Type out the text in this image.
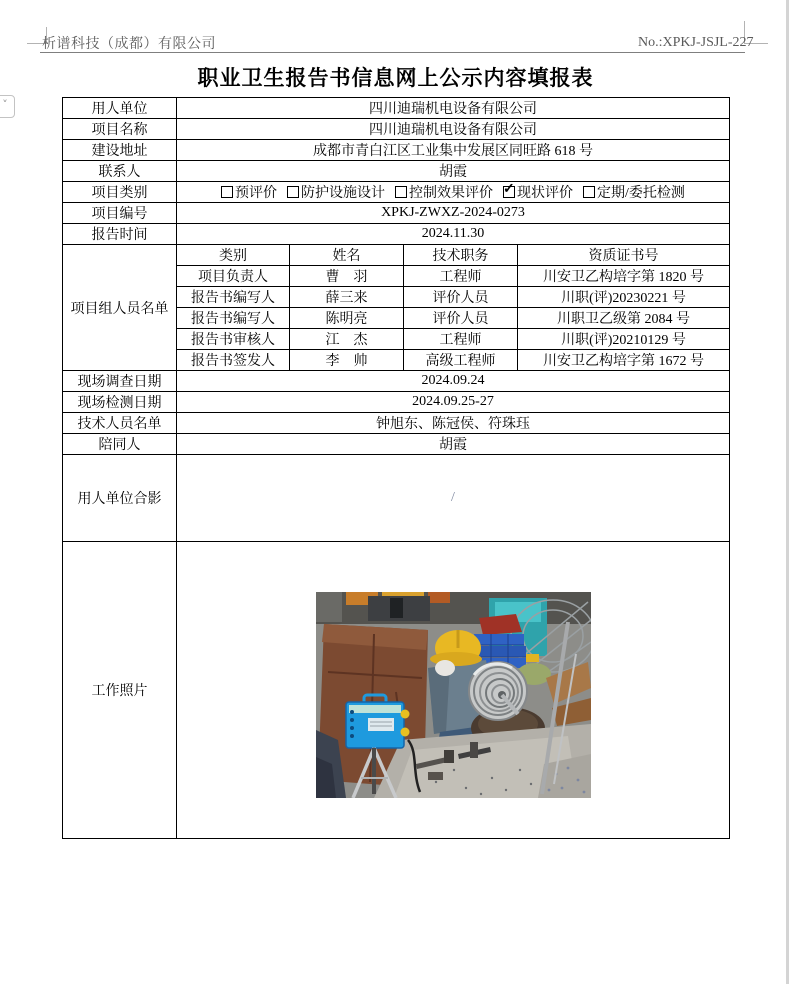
˅
析谱科技（成都）有限公司	No.:XPKJ-JSJL-227
职业卫生报告书信息网上公示内容填报表
用人单位	四川迪瑞机电设备有限公司			
项目名称	四川迪瑞机电设备有限公司			
建设地址	成都市青白江区工业集中发展区同旺路 618 号			
联系人	胡霞			
项目类别	预评价 防护设施设计 控制效果评价 ✓ 现状评价 定期/委托检测
项目编号	XPKJ-ZWXZ-2024-0273			
报告时间	2024.11.30			
项目组人员名单	类别	姓名	技术职务	资质证书号
	项目负责人	曹　羽	工程师	川安卫乙构培字第 1820 号
	报告书编写人	薛三来	评价人员	川职(评)20230221 号
	报告书编写人	陈明亮	评价人员	川职卫乙级第 2084 号
	报告书审核人	江　杰	工程师	川职(评)20210129 号
	报告书签发人	李　帅	高级工程师	川安卫乙构培字第 1672 号
现场调查日期	2024.09.24			
现场检测日期	2024.09.25-27			
技术人员名单	钟旭东、陈冠侯、符珠珏			
陪同人	胡霞			
用人单位合影	/			
工作照片	
